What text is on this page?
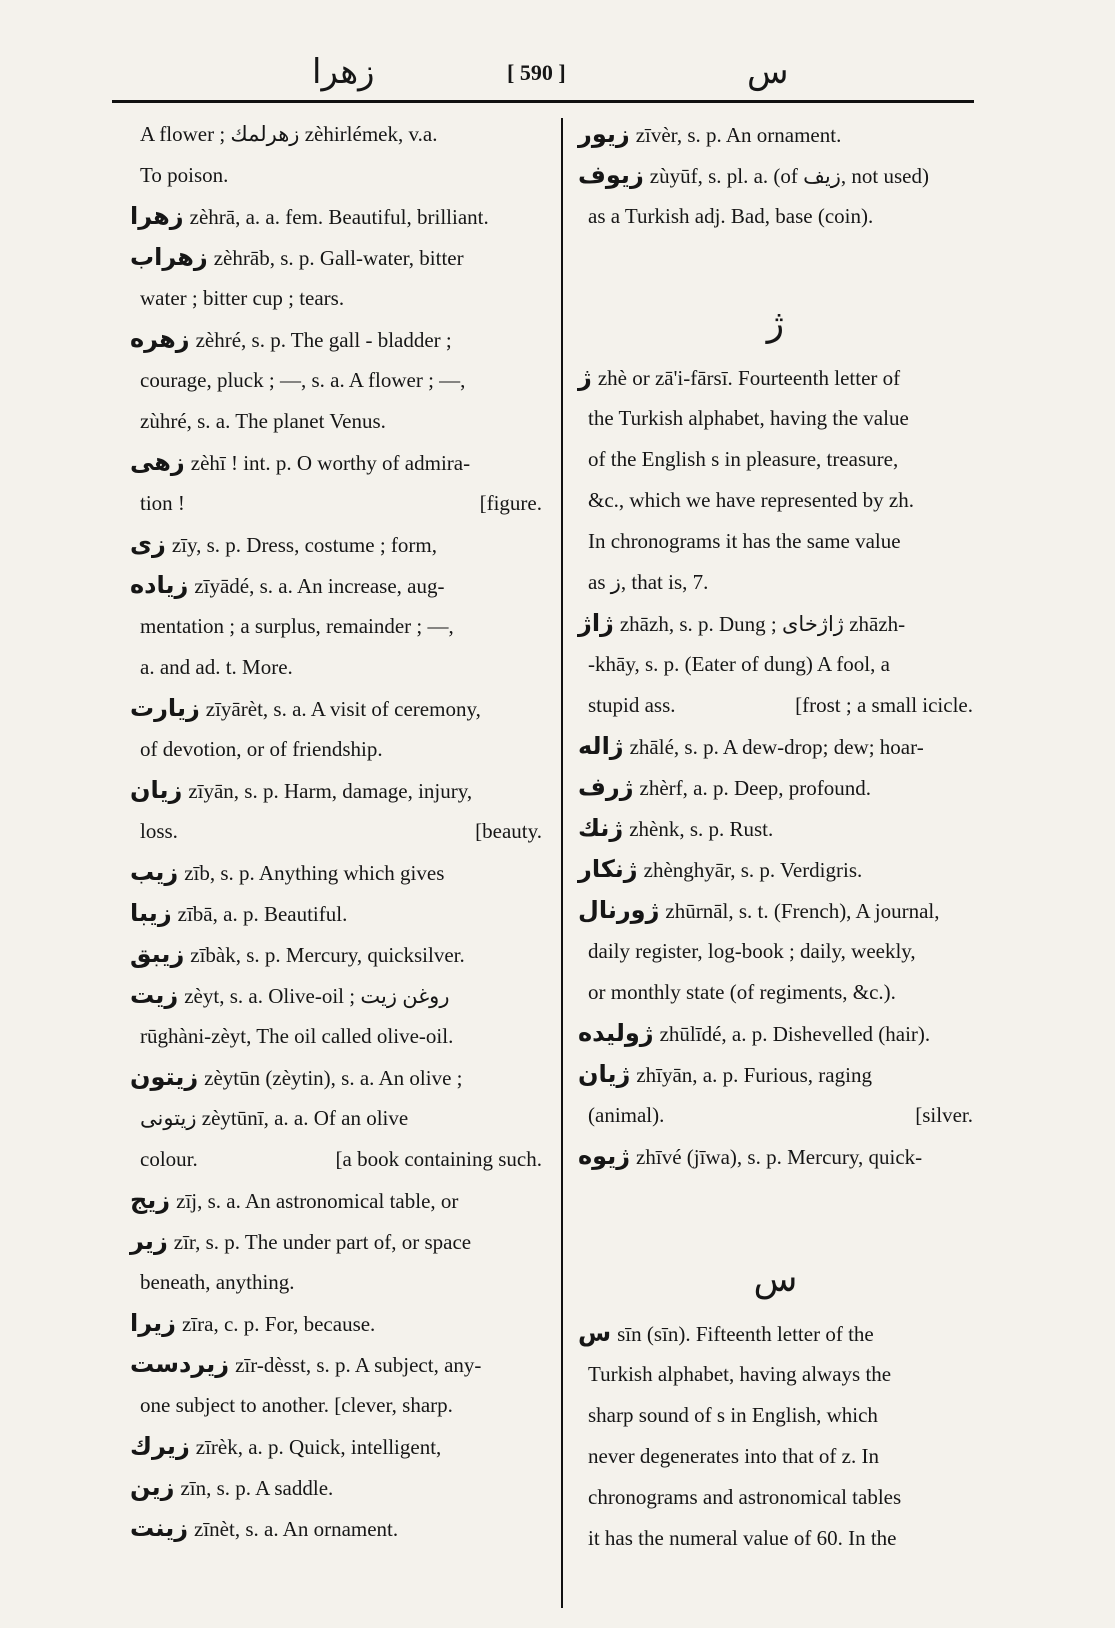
زهرا	[ 590 ]	س
A flower ; زهرلمك zèhirlémek, v.a.
To poison.
زهرا zèhrā, a. a. fem. Beautiful, brilliant.
زهراب zèhrāb, s. p. Gall-water, bitter
water ; bitter cup ; tears.
زهره zèhré, s. p. The gall - bladder ;
courage, pluck ; —, s. a. A flower ; —,
zùhré, s. a. The planet Venus.
زهى zèhī ! int. p. O worthy of admira-
tion !	[figure.
زى zīy, s. p. Dress, costume ; form,
زياده zīyādé, s. a. An increase, aug-
mentation ; a surplus, remainder ; —,
a. and ad. t. More.
زيارت zīyārèt, s. a. A visit of ceremony,
of devotion, or of friendship.
زيان zīyān, s. p. Harm, damage, injury,
loss.	[beauty.
زيب zīb, s. p. Anything which gives
زيبا zībā, a. p. Beautiful.
زيبق zībàk, s. p. Mercury, quicksilver.
زيت zèyt, s. a. Olive-oil ; روغن زيت
rūghàni-zèyt, The oil called olive-oil.
زيتون zèytūn (zèytin), s. a. An olive ;
زيتونى zèytūnī, a. a. Of an olive
colour.	[a book containing such.
زيج zīj, s. a. An astronomical table, or
زير zīr, s. p. The under part of, or space
beneath, anything.
زيرا zīra, c. p. For, because.
زيردست zīr-dèsst, s. p. A subject, any-
one subject to another. [clever, sharp.
زيرك zīrèk, a. p. Quick, intelligent,
زين zīn, s. p. A saddle.
زينت zīnèt, s. a. An ornament.
زيور zīvèr, s. p. An ornament.
زيوف zùyūf, s. pl. a. (of زيف, not used)
as a Turkish adj. Bad, base (coin).
ژ
ژ zhè or zā'i-fārsī. Fourteenth letter of
the Turkish alphabet, having the value
of the English s in pleasure, treasure,
&c., which we have represented by zh.
In chronograms it has the same value
as ز, that is, 7.
ژاژ zhāzh, s. p. Dung ; ژاژخاى zhāzh-
-khāy, s. p. (Eater of dung) A fool, a
stupid ass.	[frost ; a small icicle.
ژاله zhālé, s. p. A dew-drop; dew; hoar-
ژرف zhèrf, a. p. Deep, profound.
ژنك zhènk, s. p. Rust.
ژنكار zhènghyār, s. p. Verdigris.
ژورنال zhūrnāl, s. t. (French), A journal,
daily register, log-book ; daily, weekly,
or monthly state (of regiments, &c.).
ژوليده zhūlīdé, a. p. Dishevelled (hair).
ژيان zhīyān, a. p. Furious, raging
(animal).	[silver.
ژيوه zhīvé (jīwa), s. p. Mercury, quick-
س
س sīn (sīn). Fifteenth letter of the
Turkish alphabet, having always the
sharp sound of s in English, which
never degenerates into that of z. In
chronograms and astronomical tables
it has the numeral value of 60. In the
